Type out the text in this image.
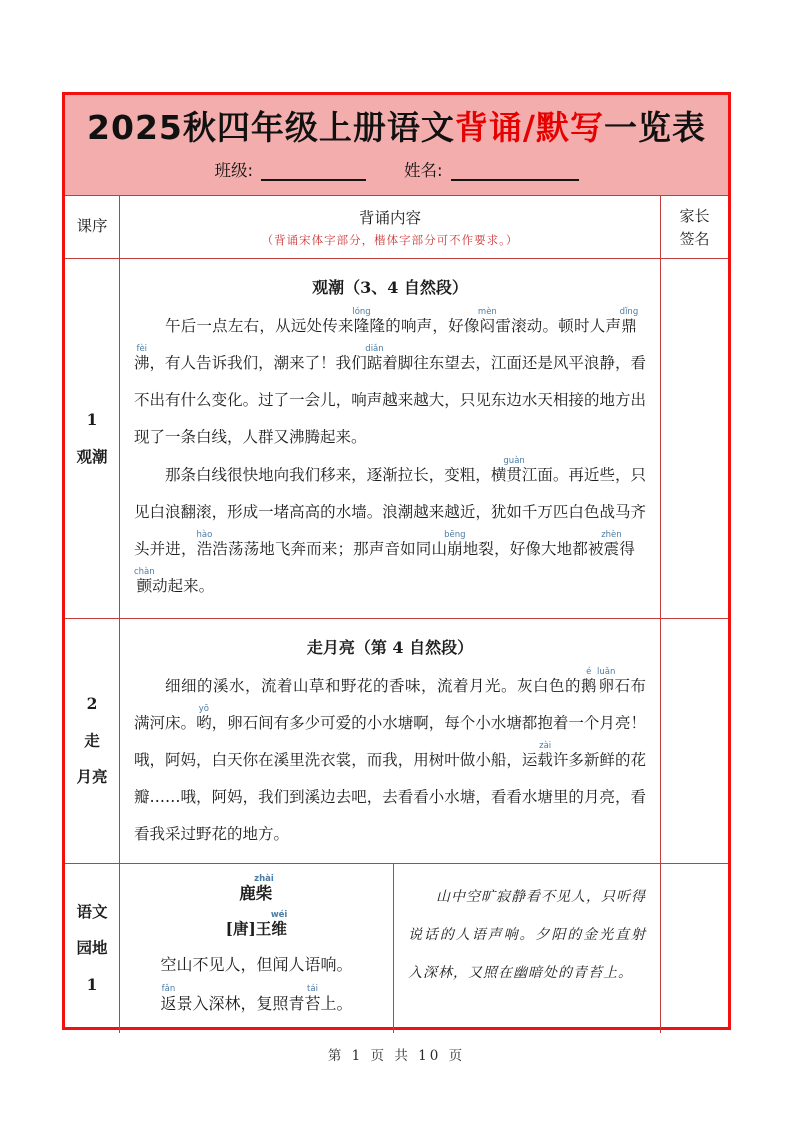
2025秋四年级上册语文背诵/默写一览表
班级:	姓名:
课序	背诵内容
（背诵宋体字部分，楷体字部分可不作要求。）
家长
签名
1
观潮
观潮（3、4 自然段）

午后一点左右，从远处传来隆lóng隆的响声，好像闷mèn雷滚动。顿时人声鼎dǐng沸fèi，有人告诉我们，潮来了！我们踮diǎn着脚往东望去，江面还是风平浪静，看不出有什么变化。过了一会儿，响声越来越大，只见东边水天相接的地方出现了一条白线，人群又沸腾起来。

那条白线很快地向我们移来，逐渐拉长，变粗，横贯guàn江面。再近些，只见白浪翻滚，形成一堵高高的水墙。浪潮越来越近，犹如千万匹白色战马齐头并进，浩hào浩荡荡地飞奔而来；那声音如同山崩bēng地裂，好像大地都被震zhèn得颤chàn动起来。

2
走
月亮
走月亮（第 4 自然段）

细细的溪水，流着山草和野花的香味，流着月光。灰白色的鹅é卵luǎn石布满河床。哟yō，卵石间有多少可爱的小水塘啊，每个小水塘都抱着一个月亮！哦，阿妈，白天你在溪里洗衣裳，而我，用树叶做小船，运载zài许多新鲜的花瓣……哦，阿妈，我们到溪边去吧，去看看小水塘，看看水塘里的月亮，看看我采过野花的地方。

语文
园地
1
鹿柴zhài
[唐]王维wéi
空山不见人，但闻人语响。
返fǎn景入深林，复照青苔tái上。

山中空旷寂静看不见人，只听得说话的人语声响。夕阳的金光直射入深林，又照在幽暗处的青苔上。

第 1 页 共 10 页
